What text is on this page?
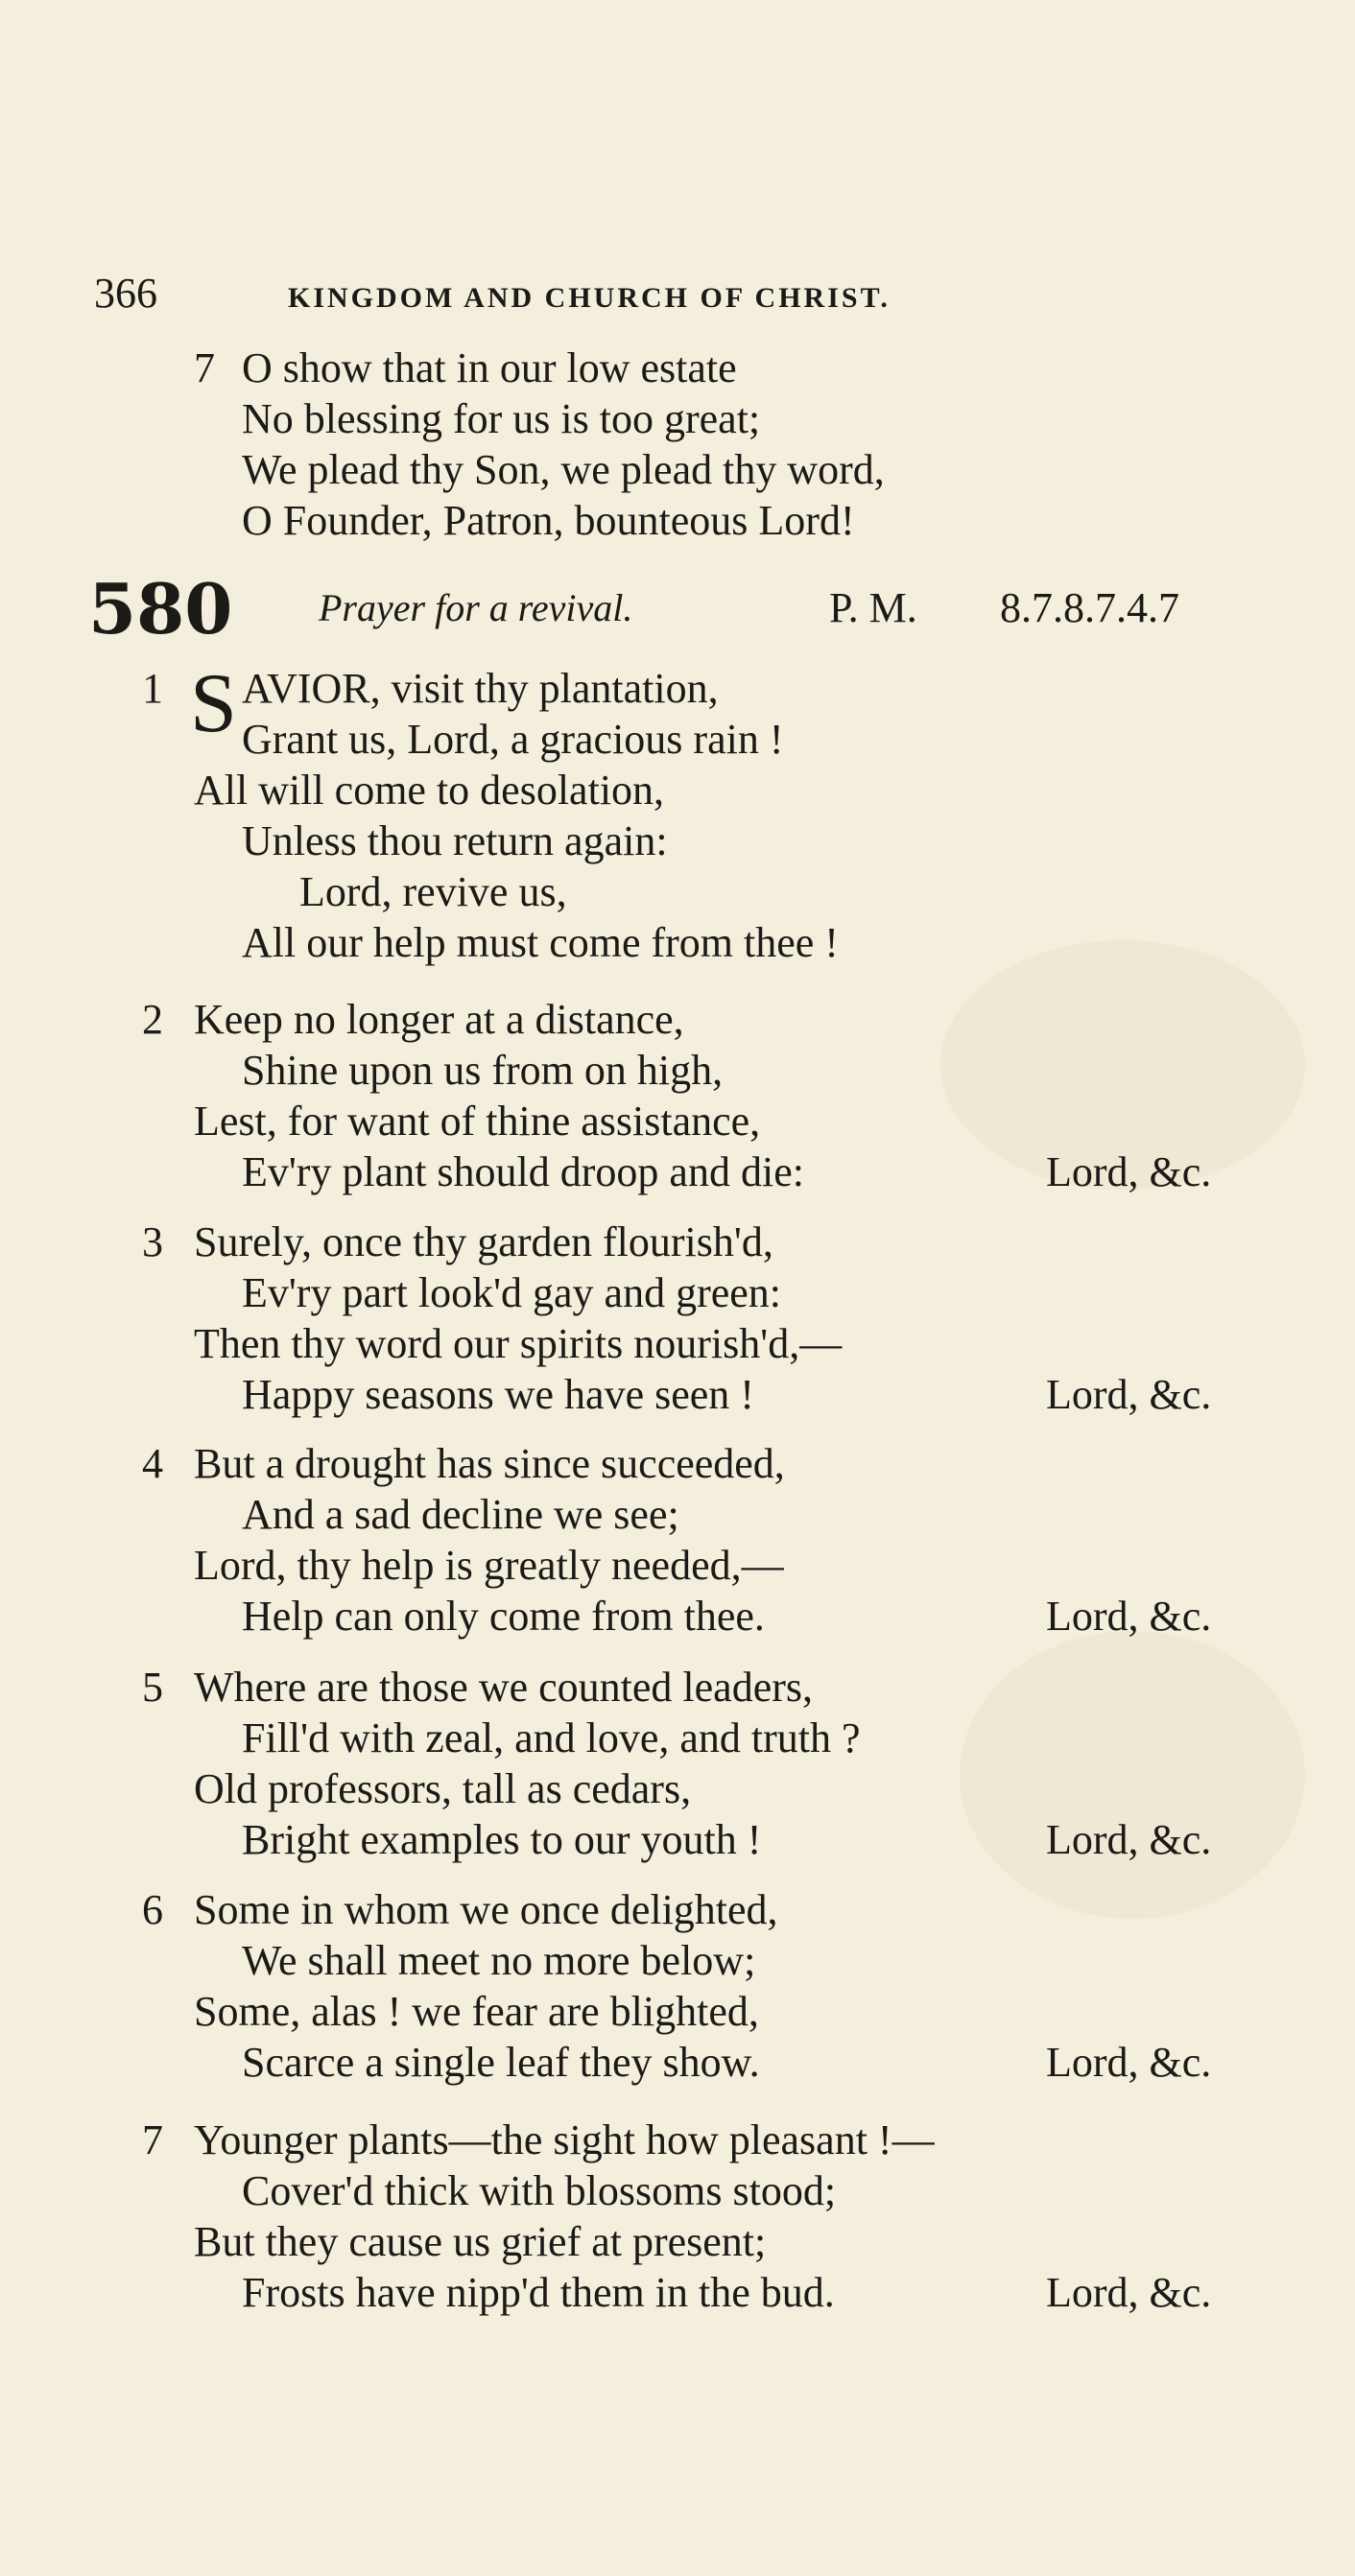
366	KINGDOM AND CHURCH OF CHRIST.
7 O show that in our low estate
No blessing for us is too great;
We plead thy Son, we plead thy word,
O Founder, Patron, bounteous Lord!
580 Prayer for a revival.	P. M. 8.7.8.7.4.7
1 S AVIOR, visit thy plantation,
Grant us, Lord, a gracious rain !
All will come to desolation,
Unless thou return again:
Lord, revive us,
All our help must come from thee !
2 Keep no longer at a distance,
Shine upon us from on high,
Lest, for want of thine assistance,
Ev'ry plant should droop and die:	Lord, &c.
3 Surely, once thy garden flourish'd,
Ev'ry part look'd gay and green:
Then thy word our spirits nourish'd,—
Happy seasons we have seen !	Lord, &c.
4 But a drought has since succeeded,
And a sad decline we see;
Lord, thy help is greatly needed,—
Help can only come from thee.	Lord, &c.
5 Where are those we counted leaders,
Fill'd with zeal, and love, and truth ?
Old professors, tall as cedars,
Bright examples to our youth !	Lord, &c.
6 Some in whom we once delighted,
We shall meet no more below;
Some, alas ! we fear are blighted,
Scarce a single leaf they show.	Lord, &c.
7 Younger plants—the sight how pleasant !—
Cover'd thick with blossoms stood;
But they cause us grief at present;
Frosts have nipp'd them in the bud.	Lord, &c.
